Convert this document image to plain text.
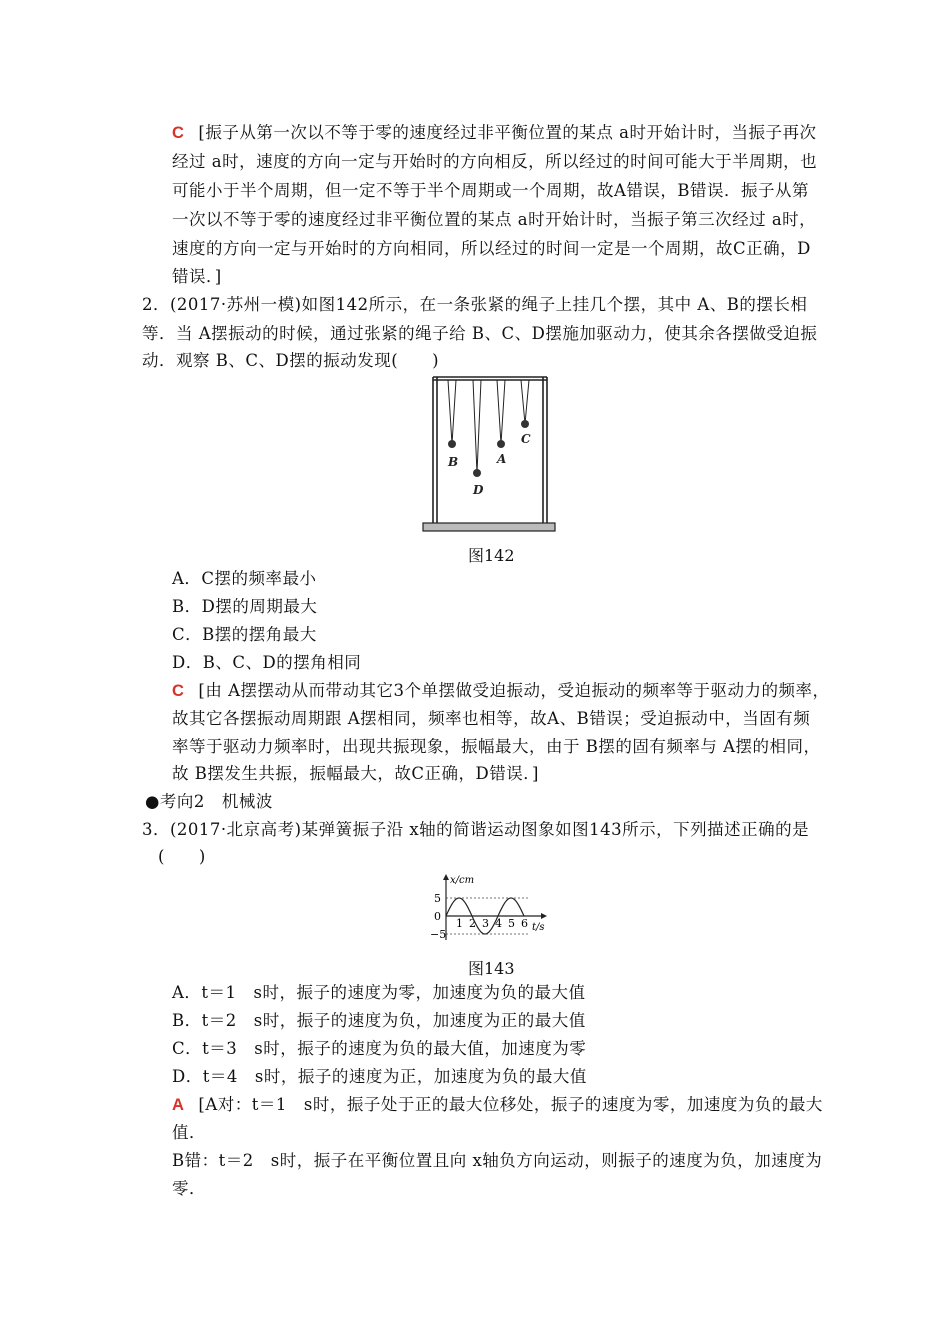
C [振子从第一次以不等于零的速度经过非平衡位置的某点 a时开始计时，当振子再次
经过 a时，速度的方向一定与开始时的方向相反，所以经过的时间可能大于半周期，也
可能小于半个周期，但一定不等于半个周期或一个周期，故A错误，B错误．振子从第
一次以不等于零的速度经过非平衡位置的某点 a时开始计时，当振子第三次经过 a时，
速度的方向一定与开始时的方向相同，所以经过的时间一定是一个周期，故C正确，D
错误．]
2．(2017·苏州一模)如图142所示，在一条张紧的绳子上挂几个摆，其中 A、B的摆长相
等．当 A摆振动的时候，通过张紧的绳子给 B、C、D摆施加驱动力，使其余各摆做受迫振
动．观察 B、C、D摆的振动发现(　　)
B
D
A
C
图142
A．C摆的频率最小
B．D摆的周期最大
C．B摆的摆角最大
D．B、C、D的摆角相同
C [由 A摆摆动从而带动其它3个单摆做受迫振动，受迫振动的频率等于驱动力的频率，
故其它各摆振动周期跟 A摆相同，频率也相等，故A、B错误；受迫振动中，当固有频
率等于驱动力频率时，出现共振现象，振幅最大，由于 B摆的固有频率与 A摆的相同，
故 B摆发生共振，振幅最大，故C正确，D错误．]
●考向2　机械波
3．(2017·北京高考)某弹簧振子沿 x轴的简谐运动图象如图143所示，下列描述正确的是
(　　)
1 2 3 4 5 6
5
0
−5
x/cm
t/s
图143
A．t＝1　s时，振子的速度为零，加速度为负的最大值
B．t＝2　s时，振子的速度为负，加速度为正的最大值
C．t＝3　s时，振子的速度为负的最大值，加速度为零
D．t＝4　s时，振子的速度为正，加速度为负的最大值
A [A对：t＝1　s时，振子处于正的最大位移处，振子的速度为零，加速度为负的最大
值．
B错：t＝2　s时，振子在平衡位置且向 x轴负方向运动，则振子的速度为负，加速度为
零．
